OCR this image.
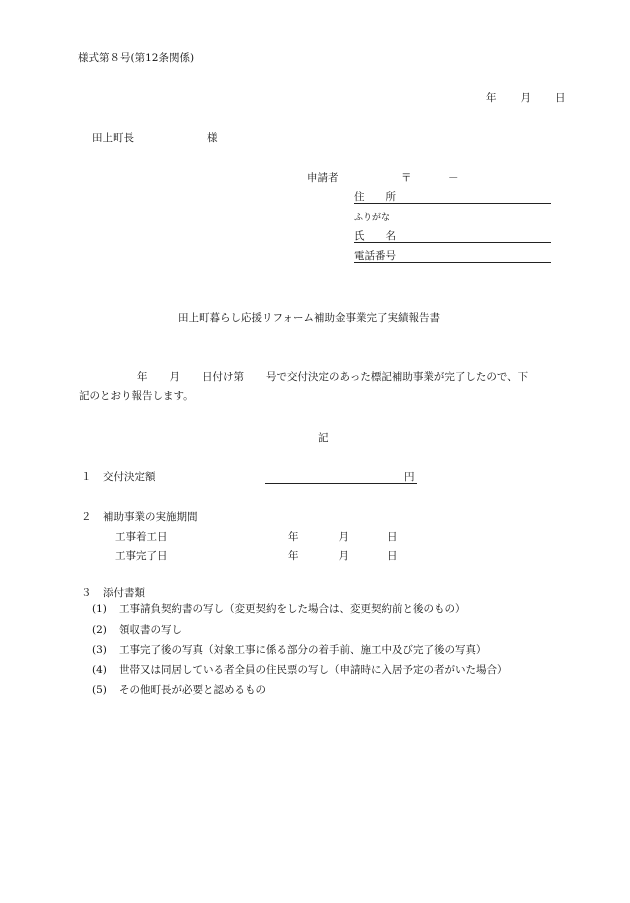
様式第８号(第12条関係)
年 月 日
田上町長	様
申請者	〒	－
住　　所
ふりがな
氏　　名
電話番号
田上町暮らし応援リフォーム補助金事業完了実績報告書
年 月 日付け第 号で交付決定のあった標記補助事業が完了したので、下
記のとおり報告します。
記
１ 交付決定額	円
２ 補助事業の実施期間
工事着工日	年	月	日
工事完了日	年	月	日
３ 添付書類
(1) 工事請負契約書の写し（変更契約をした場合は、変更契約前と後のもの）
(2) 領収書の写し
(3) 工事完了後の写真（対象工事に係る部分の着手前、施工中及び完了後の写真）
(4) 世帯又は同居している者全員の住民票の写し（申請時に入居予定の者がいた場合）
(5) その他町長が必要と認めるもの
